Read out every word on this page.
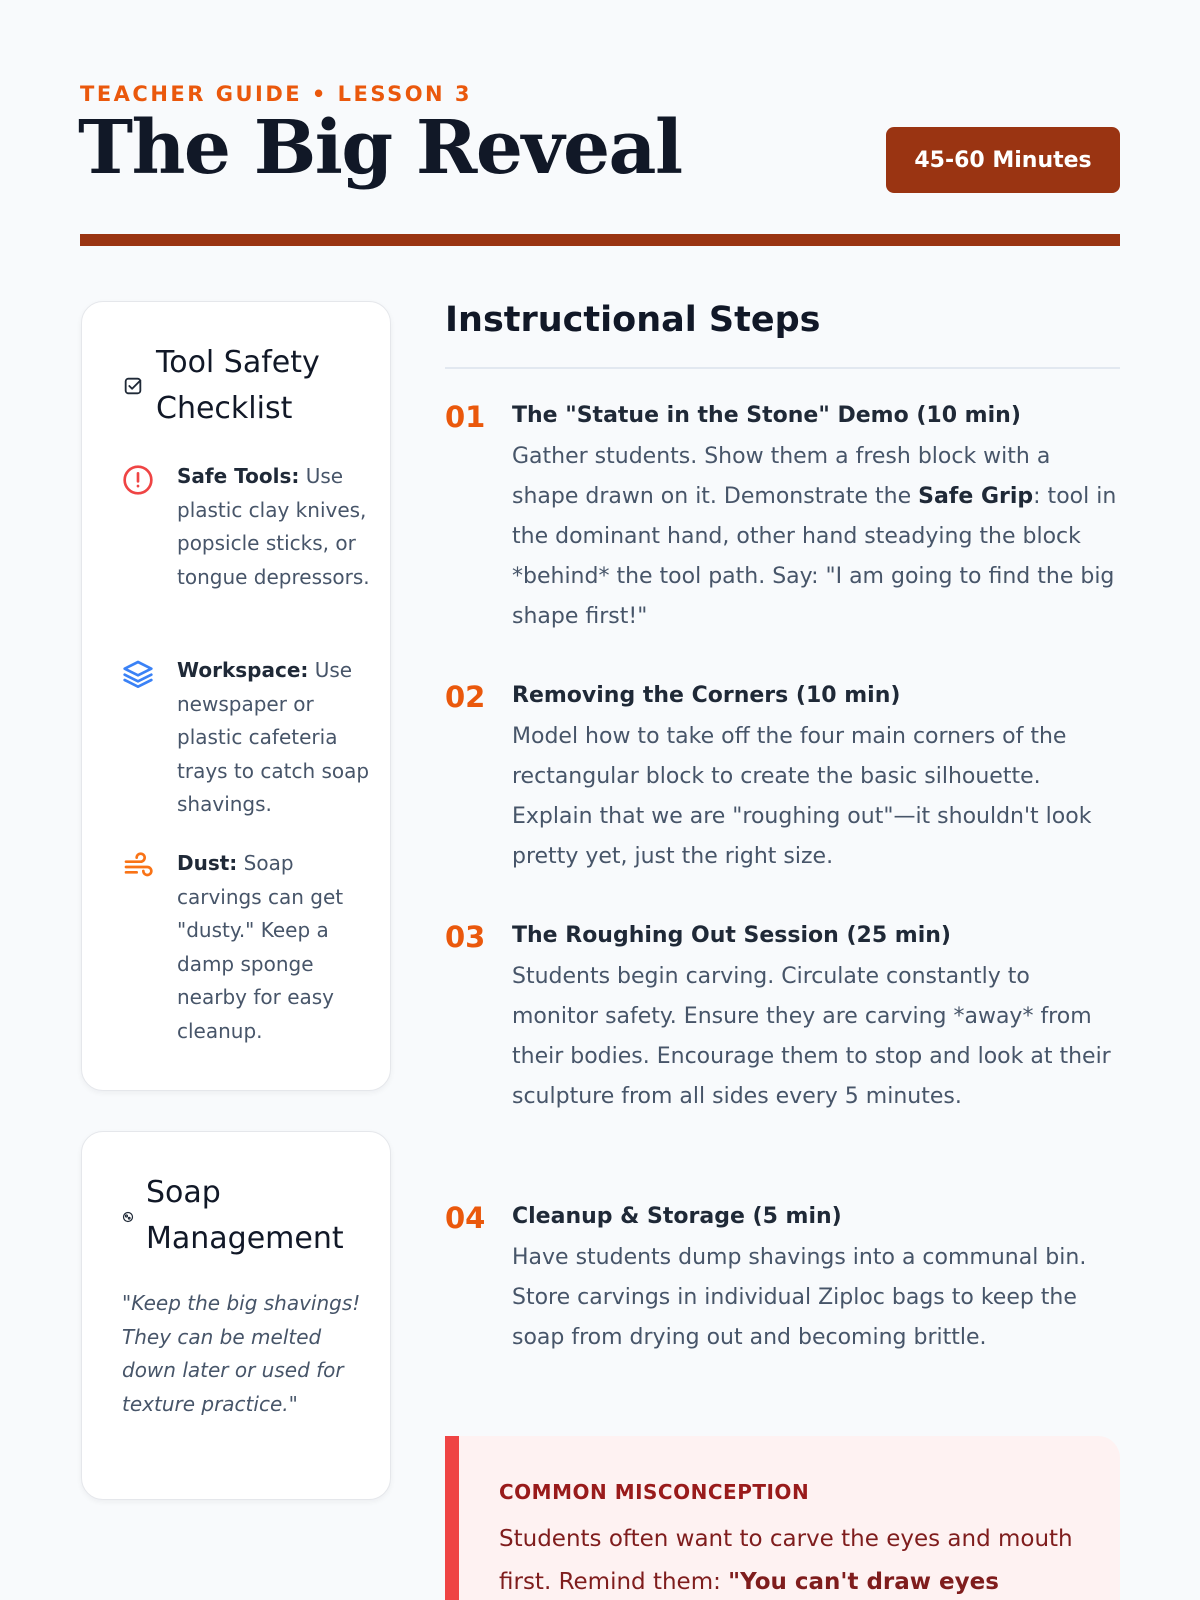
TEACHER GUIDE • LESSON 3
The Big Reveal	45-60 Minutes
Tool Safety
Checklist
Safe Tools: Use plastic clay knives, popsicle sticks, or tongue depressors.
Workspace: Use newspaper or plastic cafeteria trays to catch soap shavings.
Dust: Soap carvings can get "dusty." Keep a damp sponge nearby for easy cleanup.
Soap
Management
"Keep the big shavings! They can be melted down later or used for texture practice."
Instructional Steps
01 The "Statue in the Stone" Demo (10 min)
Gather students. Show them a fresh block with a shape drawn on it. Demonstrate the Safe Grip: tool in the dominant hand, other hand steadying the block *behind* the tool path. Say: "I am going to find the big shape first!"
02 Removing the Corners (10 min)
Model how to take off the four main corners of the rectangular block to create the basic silhouette. Explain that we are "roughing out"—it shouldn't look pretty yet, just the right size.
03 The Roughing Out Session (25 min)
Students begin carving. Circulate constantly to monitor safety. Ensure they are carving *away* from their bodies. Encourage them to stop and look at their sculpture from all sides every 5 minutes.
04 Cleanup & Storage (5 min)
Have students dump shavings into a communal bin. Store carvings in individual Ziploc bags to keep the soap from drying out and becoming brittle.
COMMON MISCONCEPTION
Students often want to carve the eyes and mouth first. Remind them: "You can't draw eyes
